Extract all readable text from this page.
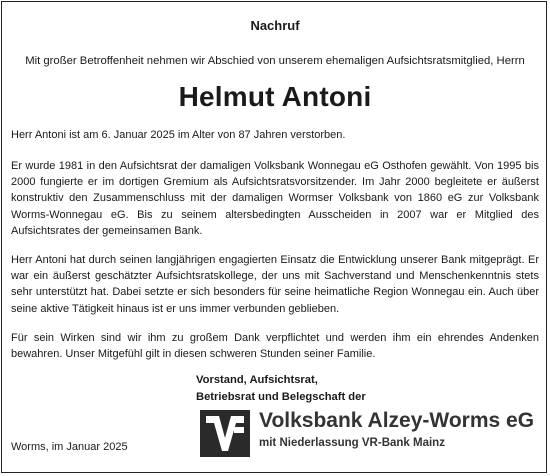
Nachruf
Mit großer Betroffenheit nehmen wir Abschied von unserem ehemaligen Aufsichtsratsmitglied, Herrn
Helmut Antoni

Herr Antoni ist am 6. Januar 2025 im Alter von 87 Jahren verstorben.

Er wurde 1981 in den Aufsichtsrat der damaligen Volksbank Wonnegau eG Osthofen gewählt. Von 1995 bis 2000 fungierte er im dortigen Gremium als Aufsichtsratsvorsitzender. Im Jahr 2000 begleitete er äußerst konstruktiv den Zusammenschluss mit der damaligen Wormser Volksbank von 1860 eG zur Volksbank Worms-Wonnegau eG. Bis zu seinem altersbedingten Ausscheiden in 2007 war er Mitglied des Aufsichtsrates der gemeinsamen Bank.

Herr Antoni hat durch seinen langjährigen engagierten Einsatz die Entwicklung unserer Bank mitgeprägt. Er war ein äußerst geschätzter Aufsichtsratskollege, der uns mit Sachverstand und Menschenkenntnis stets sehr unterstützt hat. Dabei setzte er sich besonders für seine heimatliche Region Wonnegau ein. Auch über seine aktive Tätigkeit hinaus ist er uns immer verbunden geblieben.

Für sein Wirken sind wir ihm zu großem Dank verpflichtet und werden ihm ein ehrendes Andenken bewahren. Unser Mitgefühl gilt in diesen schweren Stunden seiner Familie.

Vorstand, Aufsichtsrat,
Betriebsrat und Belegschaft der
Worms, im Januar 2025
Volksbank Alzey-Worms eG
mit Niederlassung VR-Bank Mainz
